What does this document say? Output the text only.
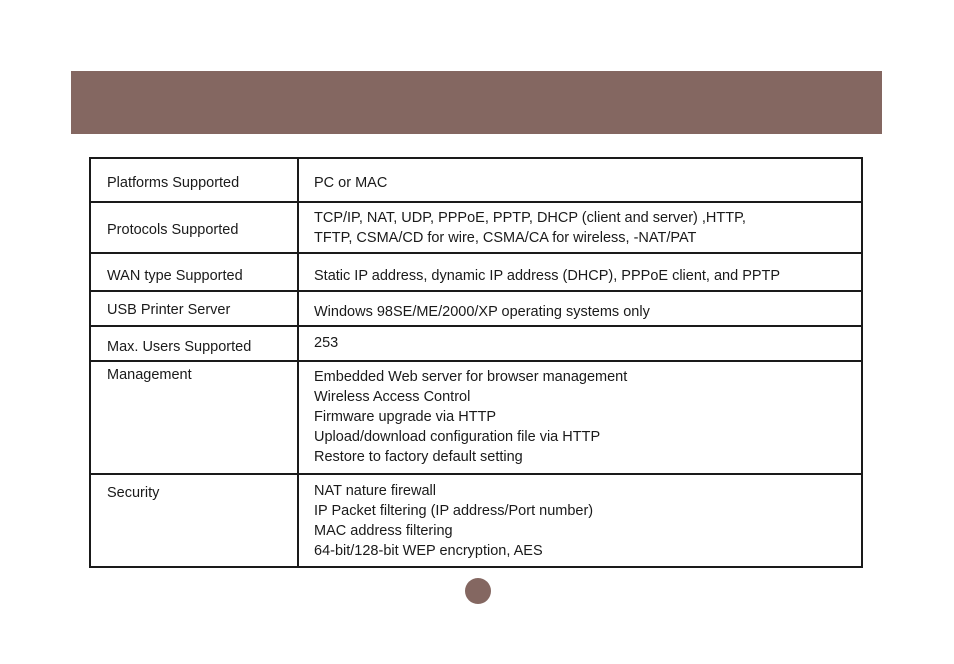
Platforms Supported	PC or MAC

Protocols Supported	TCP/IP, NAT, UDP, PPPoE, PPTP, DHCP (client and server) ,HTTP,
TFTP, CSMA/CD for wire, CSMA/CA for wireless, -NAT/PAT

WAN type Supported	Static IP address, dynamic IP address (DHCP), PPPoE client, and PPTP

USB Printer Server	Windows 98SE/ME/2000/XP operating systems only

Max. Users Supported	253

Management	Embedded Web server for browser management
Wireless Access Control
Firmware upgrade via HTTP
Upload/download configuration file via HTTP
Restore to factory default setting

Security	NAT nature firewall
IP Packet filtering (IP address/Port number)
MAC address filtering
64-bit/128-bit WEP encryption, AES
